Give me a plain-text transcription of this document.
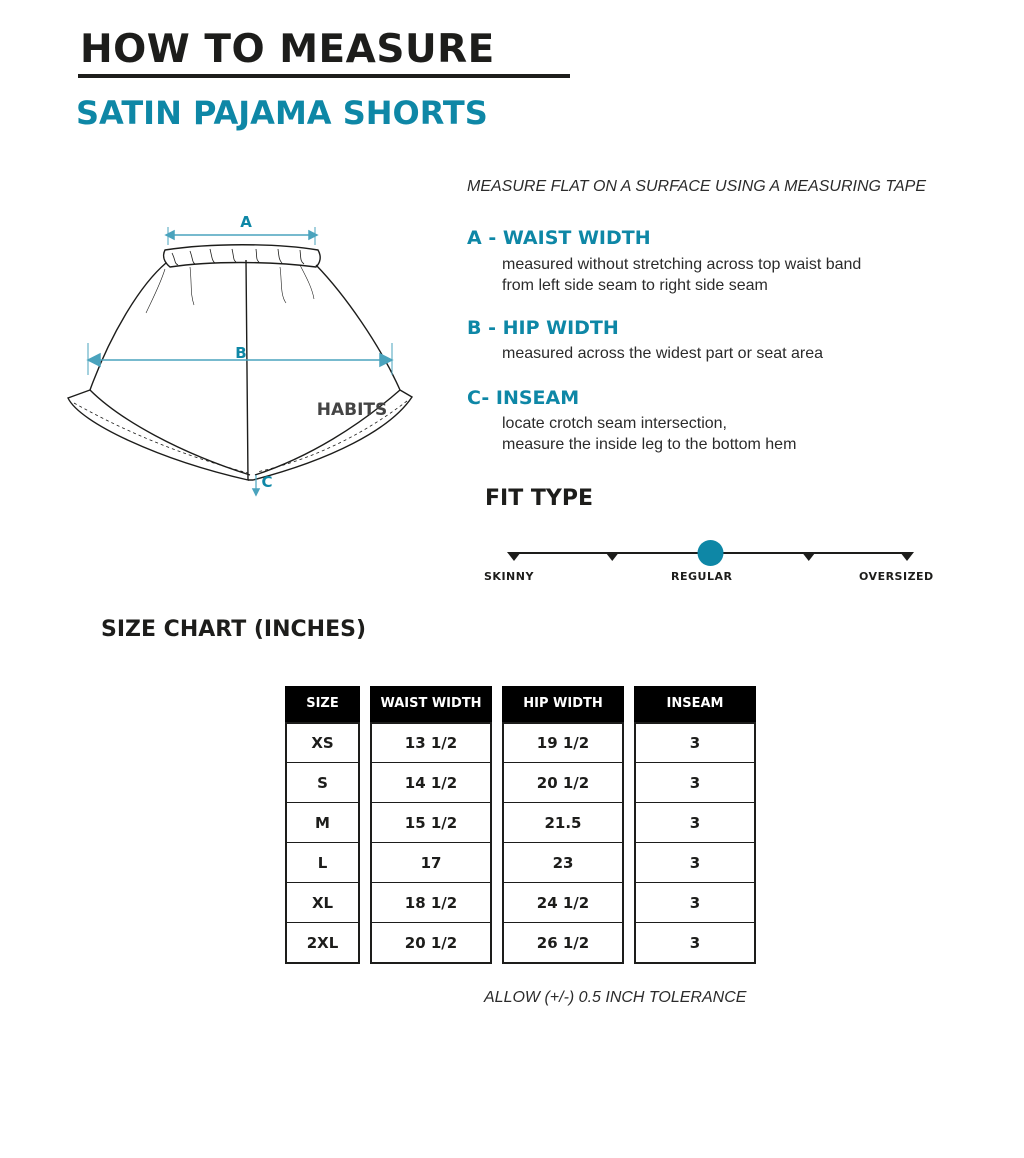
HOW TO MEASURE
SATIN PAJAMA SHORTS
A
B
C
HABITS
MEASURE FLAT ON A SURFACE USING A MEASURING TAPE
A - WAIST WIDTH
measured without stretching across top waist band
from left side seam to right side seam
B - HIP WIDTH
measured across the widest part or seat area
C- INSEAM
locate crotch seam intersection,
measure the inside leg to the bottom hem
FIT TYPE
SKINNY	REGULAR	OVERSIZED
SIZE CHART (INCHES)
SIZE
XS
S
M
L
XL
2XL
WAIST WIDTH
13 1/2
14 1/2
15 1/2
17
18 1/2
20 1/2
HIP WIDTH
19 1/2
20 1/2
21.5
23
24 1/2
26 1/2
INSEAM
3
3
3
3
3
3
ALLOW (+/-) 0.5 INCH TOLERANCE
